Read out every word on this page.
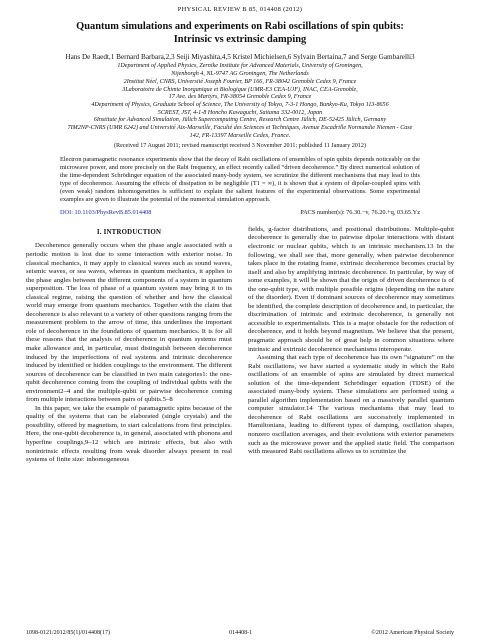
PHYSICAL REVIEW B 85, 014408 (2012)
Quantum simulations and experiments on Rabi oscillations of spin qubits:
Intrinsic vs extrinsic damping
Hans De Raedt,1 Bernard Barbara,2,3 Seiji Miyashita,4,5 Kristel Michielsen,6 Sylvain Bertaina,7 and Serge Gambarelli3
1Department of Applied Physics, Zernike Institute for Advanced Materials, University of Groningen,
Nijenborgh 4, NL-9747 AG Groningen, The Netherlands
2Institut Néel, CNRS, Université Joseph Fourier, BP 166, FR-38042 Grenoble Cedex 9, France
3Laboratoire de Chimie Inorganique et Biologique (UMR-E3 CEA-UJF), INAC, CEA-Grenoble,
17 Ave. des Martyrs, FR-38054 Grenoble Cedex 9, France
4Department of Physics, Graduate School of Science, The University of Tokyo, 7-3-1 Hongo, Bunkyo-Ku, Tokyo 113-8656
5CREST, JST, 4-1-8 Honcho Kawaguchi, Saitama 332-0012, Japan
6Institute for Advanced Simulation, Jülich Supercomputing Centre, Research Centre Jülich, DE-52425 Jülich, Germany
7IM2NP-CNRS (UMR 6242) and Université Aix-Marseille, Faculté des Sciences et Techniques, Avenue Escadrille Normandie Niemen - Case
142, FR-13397 Marseille Cedex, France.
(Received 17 August 2011; revised manuscript received 3 November 2011; published 11 January 2012)
Electron paramagnetic resonance experiments show that the decay of Rabi oscillations of ensembles of spin qubits depends noticeably on the microwave power, and more precisely on the Rabi frequency, an effect recently called “driven decoherence.” By direct numerical solution of the time-dependent Schrödinger equation of the associated many-body system, we scrutinize the different mechanisms that may lead to this type of decoherence. Assuming the effects of dissipation to be negligible (T1 = ∞), it is shown that a system of dipolar-coupled spins with (even weak) random inhomogeneities is sufficient to explain the salient features of the experimental observations. Some experimental examples are given to illustrate the potential of the numerical simulation approach.
DOI: 10.1103/PhysRevB.85.014408	PACS number(s): 76.30.−v, 76.20.+q, 03.65.Yz
I. INTRODUCTION

Decoherence generally occurs when the phase angle associated with a periodic motion is lost due to some interaction with exterior noise. In classical mechanics, it may apply to classical waves such as sound waves, seismic waves, or sea waves, whereas in quantum mechanics, it applies to the phase angles between the different components of a system in quantum superposition. The loss of phase of a quantum system may bring it to its classical regime, raising the question of whether and how the classical world may emerge from quantum mechanics. Together with the claim that decoherence is also relevant to a variety of other questions ranging from the measurement problem to the arrow of time, this underlines the important role of decoherence in the foundations of quantum mechanics. It is for all these reasons that the analysis of decoherence in quantum systems must make allowance and, in particular, must distinguish between decoherence induced by the imperfections of real systems and intrinsic decoherence induced by identified or hidden couplings to the environment. The different sources of decoherence can be classified in two main categories1: the one-qubit decoherence coming from the coupling of individual qubits with the environment2–4 and the multiple-qubit or pairwise decoherence coming from multiple interactions between pairs of qubits.5–8

In this paper, we take the example of paramagnetic spins because of the quality of the systems that can be elaborated (single crystals) and the possibility, offered by magnetism, to start calculations from first principles. Here, the one-qubit decoherence is, in general, associated with phonons and hyperfine couplings,9–12 which are intrinsic effects, but also with nonintrinsic effects resulting from weak disorder always present in real systems of finite size: inhomogeneous

fields, g-factor distributions, and positional distributions. Multiple-qubit decoherence is generally due to pairwise dipolar interactions with distant electronic or nuclear qubits, which is an intrinsic mechanism.13 In the following, we shall see that, more generally, when pairwise decoherence takes place in the rotating frame, extrinsic decoherence becomes crucial by itself and also by amplifying intrinsic decoherence. In particular, by way of some examples, it will be shown that the origin of driven decoherence is of the one-qubit type, with multiple possible origins (depending on the nature of the disorder). Even if dominant sources of decoherence may sometimes be identified, the complete description of decoherence and, in particular, the discrimination of intrinsic and extrinsic decoherence, is generally not accessible to experimentalists. This is a major obstacle for the reduction of decoherence, and it holds beyond magnetism. We believe that the present, pragmatic approach should be of great help in common situations where intrinsic and extrinsic decoherence mechanisms interoperate.

Assuming that each type of decoherence has its own “signature” on the Rabi oscillations, we have started a systematic study in which the Rabi oscillations of an ensemble of spins are simulated by direct numerical solution of the time-dependent Schrödinger equation (TDSE) of the associated many-body system. These simulations are performed using a parallel algorithm implementation based on a massively parallel quantum computer simulator.14 The various mechanisms that may lead to decoherence of Rabi oscillations are successively implemented in Hamiltonians, leading to different types of damping, oscillation shapes, nonzero oscillation averages, and their evolutions with exterior parameters such as the microwave power and the applied static field. The comparison with measured Rabi oscillations allows us to scrutinize the

1098-0121/2012/85(1)/014408(17)	014408-1	©2012 American Physical Society
